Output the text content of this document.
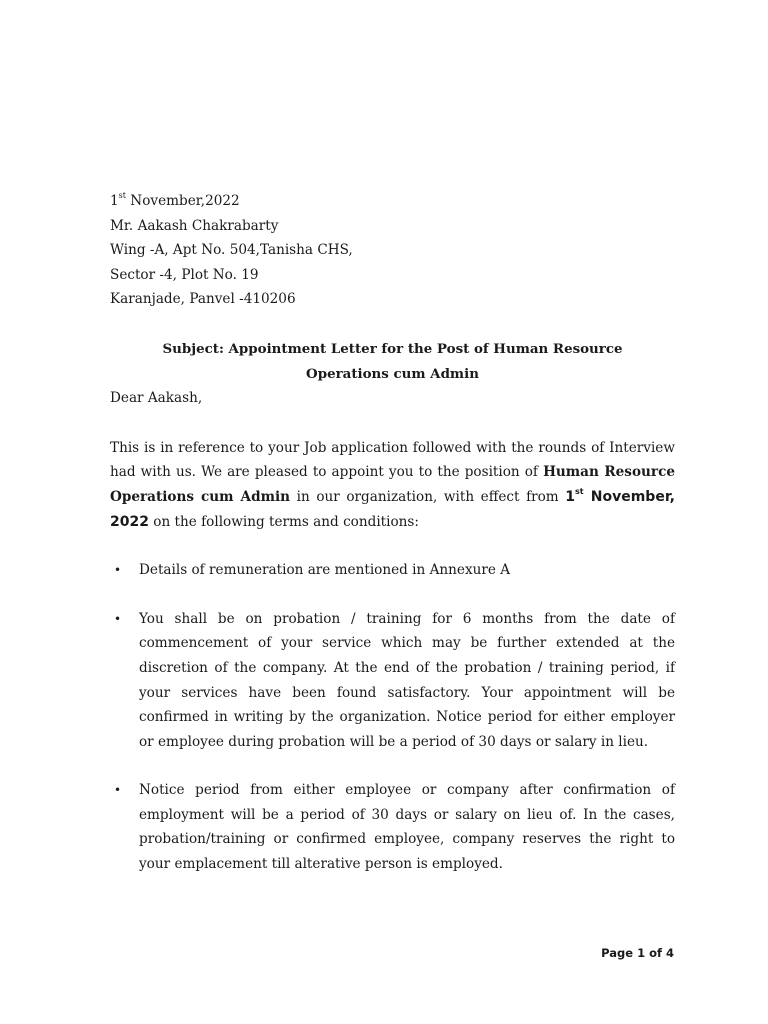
1st November,2022
Mr. Aakash Chakrabarty
Wing -A, Apt No. 504,Tanisha CHS,
Sector -4, Plot No. 19
Karanjade, Panvel -410206
Subject: Appointment Letter for the Post of Human Resource
Operations cum Admin
Dear Aakash,
This is in reference to your Job application followed with the rounds of Interview had with us. We are pleased to appoint you to the position of Human Resource Operations cum Admin in our organization, with effect from 1st November, 2022 on the following terms and conditions:
• Details of remuneration are mentioned in Annexure A
• You shall be on probation / training for 6 months from the date of commencement of your service which may be further extended at the discretion of the company. At the end of the probation / training period, if your services have been found satisfactory. Your appointment will be confirmed in writing by the organization. Notice period for either employer or employee during probation will be a period of 30 days or salary in lieu.
• Notice period from either employee or company after confirmation of employment will be a period of 30 days or salary on lieu of. In the cases, probation/training or confirmed employee, company reserves the right to your emplacement till alterative person is employed.
Page 1 of 4
